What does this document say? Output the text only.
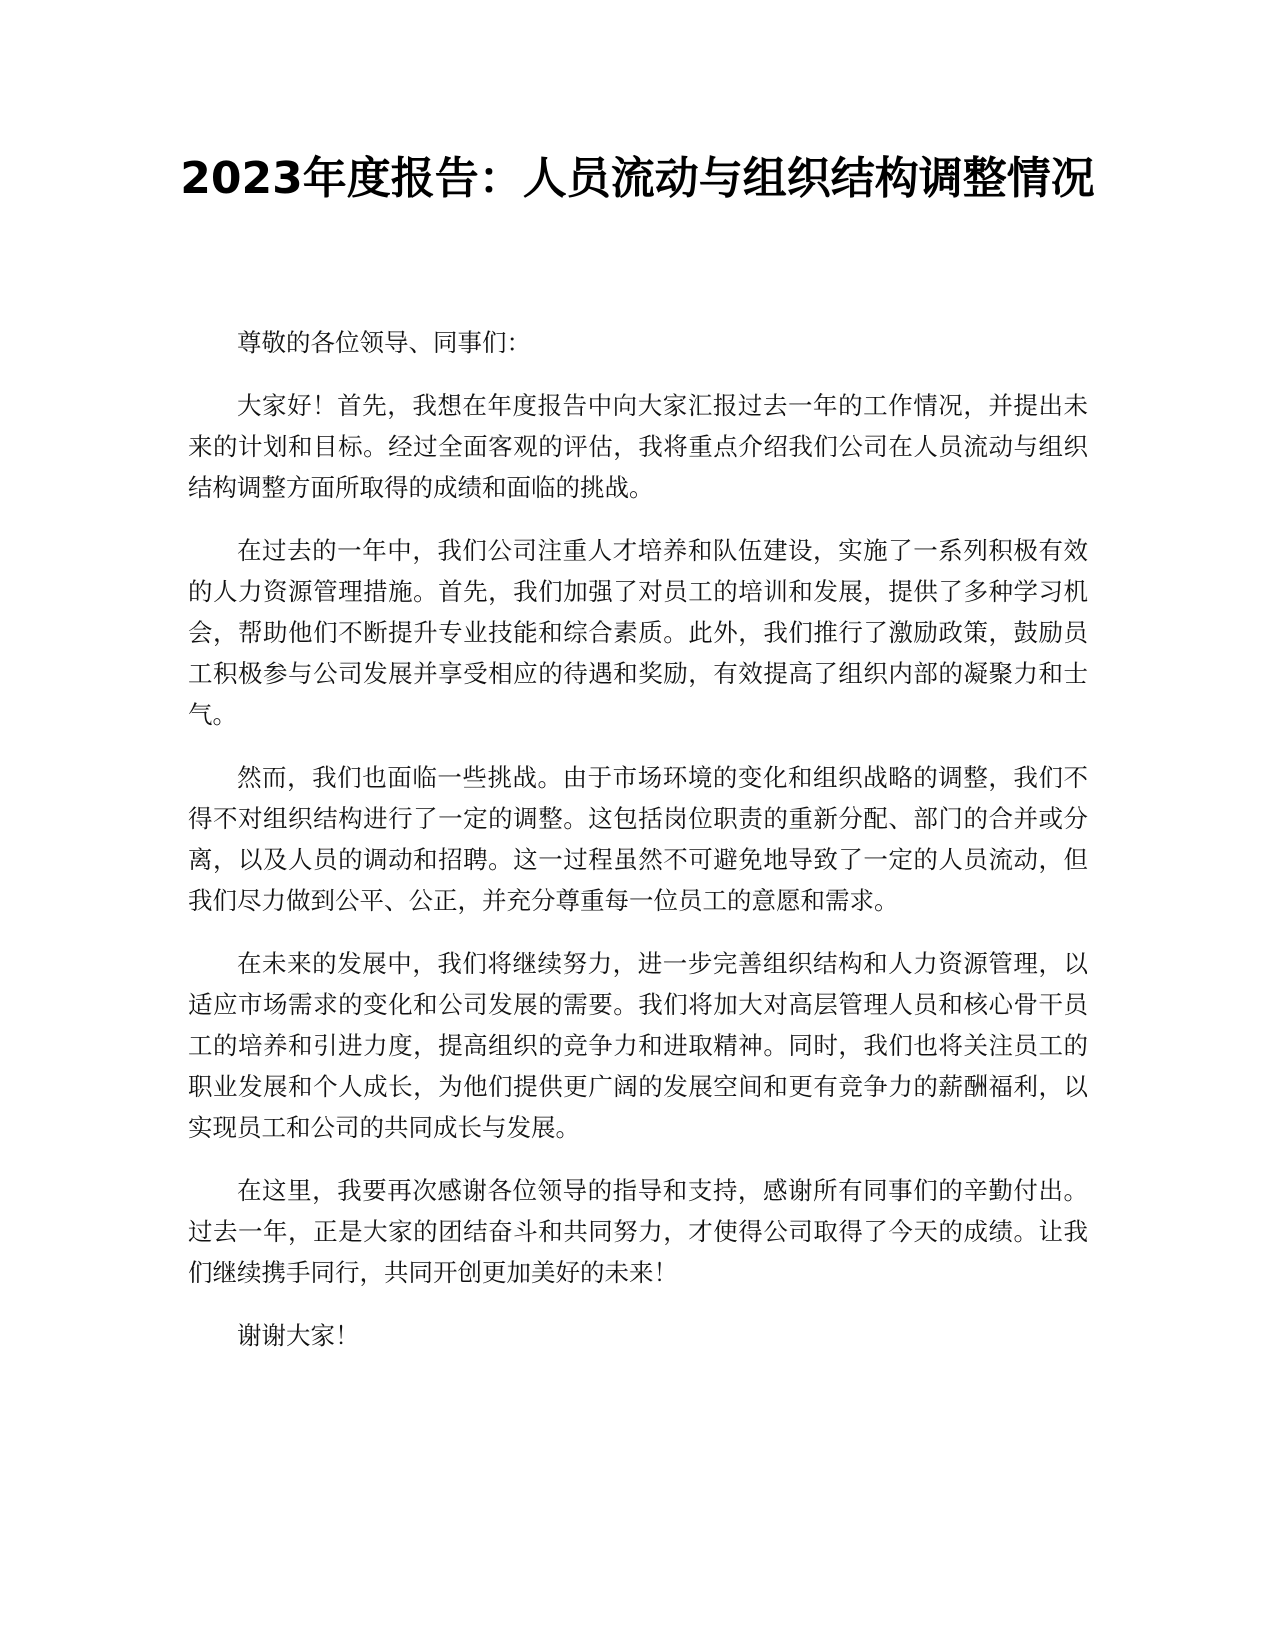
2023年度报告：人员流动与组织结构调整情况

尊敬的各位领导、同事们：

大家好！首先，我想在年度报告中向大家汇报过去一年的工作情况，并提出未来的计划和目标。经过全面客观的评估，我将重点介绍我们公司在人员流动与组织结构调整方面所取得的成绩和面临的挑战。

在过去的一年中，我们公司注重人才培养和队伍建设，实施了一系列积极有效的人力资源管理措施。首先，我们加强了对员工的培训和发展，提供了多种学习机会，帮助他们不断提升专业技能和综合素质。此外，我们推行了激励政策，鼓励员工积极参与公司发展并享受相应的待遇和奖励，有效提高了组织内部的凝聚力和士气。

然而，我们也面临一些挑战。由于市场环境的变化和组织战略的调整，我们不得不对组织结构进行了一定的调整。这包括岗位职责的重新分配、部门的合并或分离，以及人员的调动和招聘。这一过程虽然不可避免地导致了一定的人员流动，但我们尽力做到公平、公正，并充分尊重每一位员工的意愿和需求。

在未来的发展中，我们将继续努力，进一步完善组织结构和人力资源管理，以适应市场需求的变化和公司发展的需要。我们将加大对高层管理人员和核心骨干员工的培养和引进力度，提高组织的竞争力和进取精神。同时，我们也将关注员工的职业发展和个人成长，为他们提供更广阔的发展空间和更有竞争力的薪酬福利，以实现员工和公司的共同成长与发展。

在这里，我要再次感谢各位领导的指导和支持，感谢所有同事们的辛勤付出。过去一年，正是大家的团结奋斗和共同努力，才使得公司取得了今天的成绩。让我们继续携手同行，共同开创更加美好的未来！

谢谢大家！
